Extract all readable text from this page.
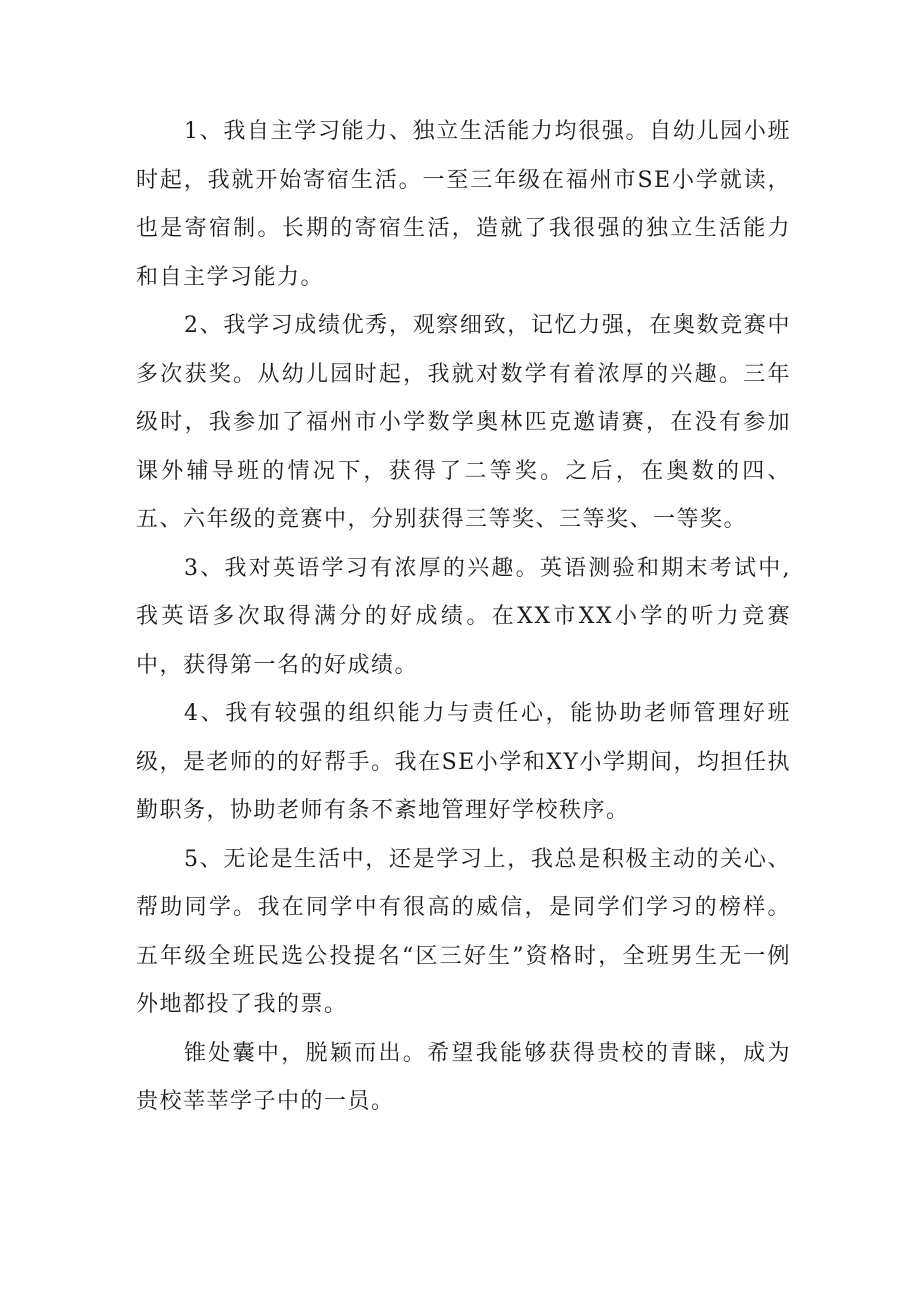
1、我自主学习能力、独立生活能力均很强。自幼儿园小班时起，我就开始寄宿生活。一至三年级在福州市SE小学就读，也是寄宿制。长期的寄宿生活，造就了我很强的独立生活能力和自主学习能力。

2、我学习成绩优秀，观察细致，记忆力强，在奥数竞赛中多次获奖。从幼儿园时起，我就对数学有着浓厚的兴趣。三年级时，我参加了福州市小学数学奥林匹克邀请赛，在没有参加课外辅导班的情况下，获得了二等奖。之后，在奥数的四、五、六年级的竞赛中，分别获得三等奖、三等奖、一等奖。

3、我对英语学习有浓厚的兴趣。英语测验和期末考试中,我英语多次取得满分的好成绩。在XX市XX小学的听力竞赛中，获得第一名的好成绩。

4、我有较强的组织能力与责任心，能协助老师管理好班级，是老师的的好帮手。我在SE小学和XY小学期间，均担任执勤职务，协助老师有条不紊地管理好学校秩序。

5、无论是生活中，还是学习上，我总是积极主动的关心、帮助同学。我在同学中有很高的威信，是同学们学习的榜样。五年级全班民选公投提名“区三好生”资格时，全班男生无一例外地都投了我的票。

锥处囊中，脱颖而出。希望我能够获得贵校的青睐，成为贵校莘莘学子中的一员。
